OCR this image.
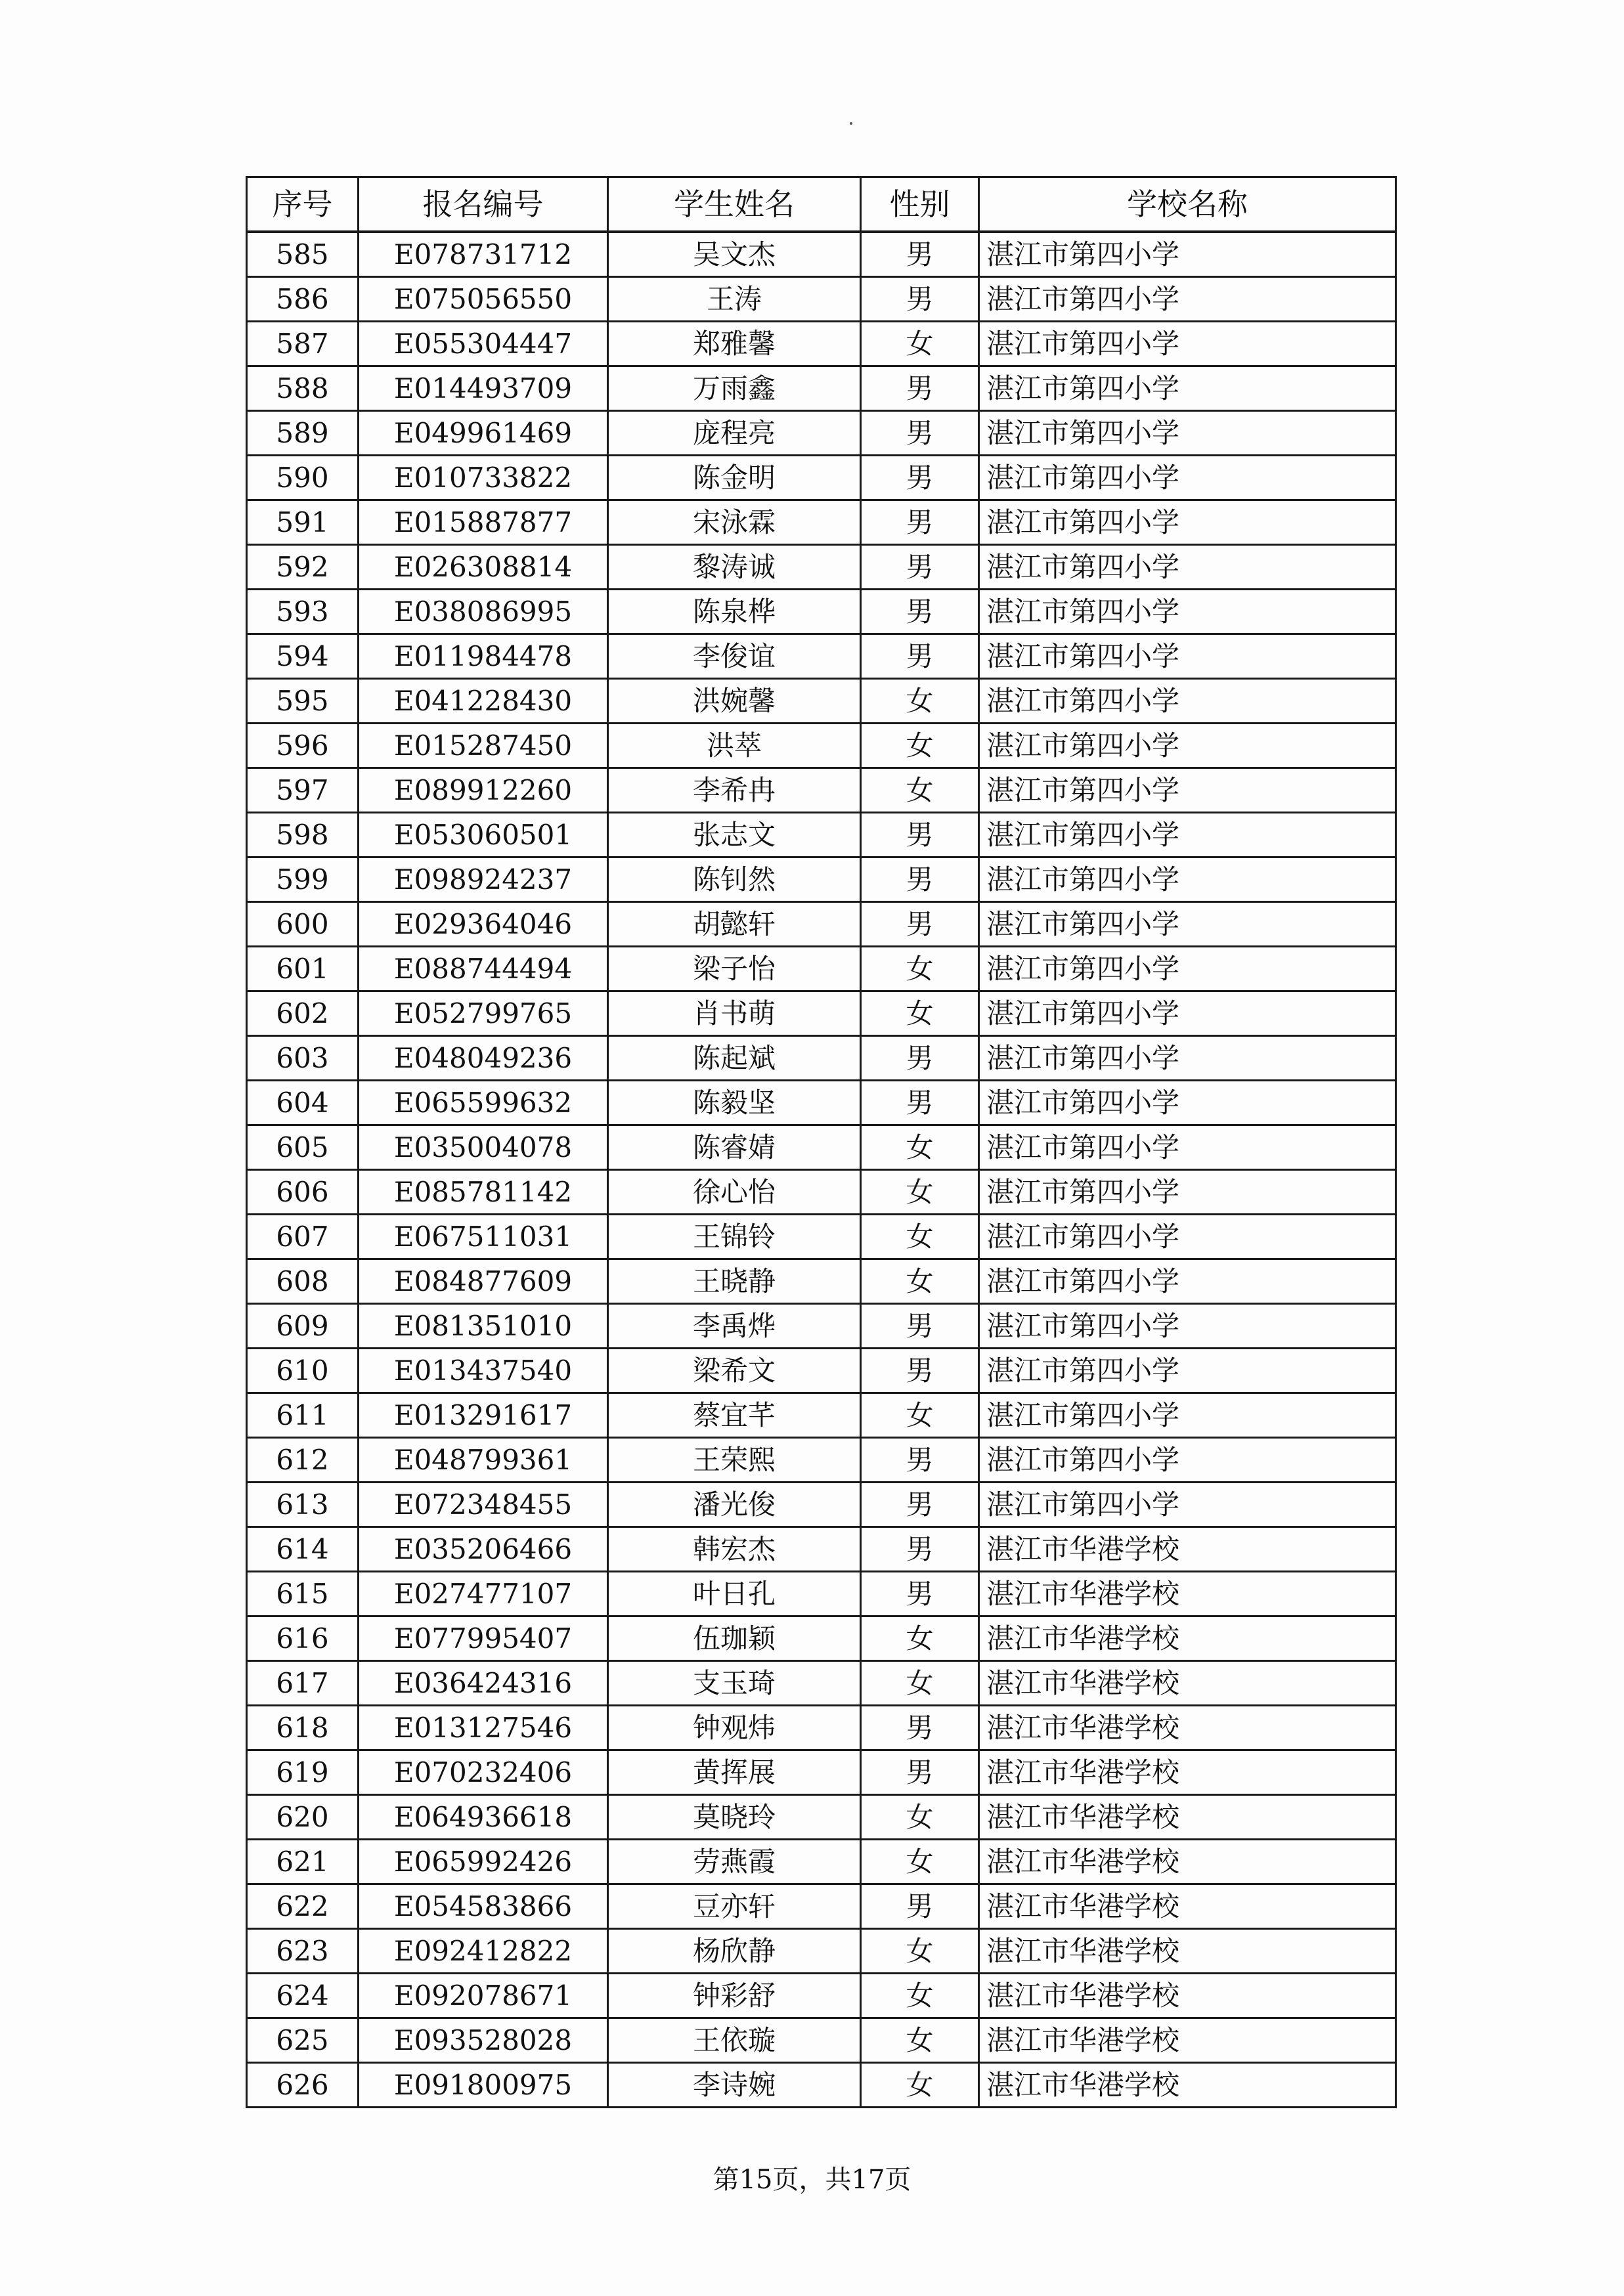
序号	报名编号	学生姓名	性别	学校名称
585	E078731712	吴文杰	男	湛江市第四小学
586	E075056550	王涛	男	湛江市第四小学
587	E055304447	郑雅馨	女	湛江市第四小学
588	E014493709	万雨鑫	男	湛江市第四小学
589	E049961469	庞程亮	男	湛江市第四小学
590	E010733822	陈金明	男	湛江市第四小学
591	E015887877	宋泳霖	男	湛江市第四小学
592	E026308814	黎涛诚	男	湛江市第四小学
593	E038086995	陈泉桦	男	湛江市第四小学
594	E011984478	李俊谊	男	湛江市第四小学
595	E041228430	洪婉馨	女	湛江市第四小学
596	E015287450	洪萃	女	湛江市第四小学
597	E089912260	李希冉	女	湛江市第四小学
598	E053060501	张志文	男	湛江市第四小学
599	E098924237	陈钊然	男	湛江市第四小学
600	E029364046	胡懿轩	男	湛江市第四小学
601	E088744494	梁子怡	女	湛江市第四小学
602	E052799765	肖书萌	女	湛江市第四小学
603	E048049236	陈起斌	男	湛江市第四小学
604	E065599632	陈毅坚	男	湛江市第四小学
605	E035004078	陈睿婧	女	湛江市第四小学
606	E085781142	徐心怡	女	湛江市第四小学
607	E067511031	王锦铃	女	湛江市第四小学
608	E084877609	王晓静	女	湛江市第四小学
609	E081351010	李禹烨	男	湛江市第四小学
610	E013437540	梁希文	男	湛江市第四小学
611	E013291617	蔡宜芊	女	湛江市第四小学
612	E048799361	王荣熙	男	湛江市第四小学
613	E072348455	潘光俊	男	湛江市第四小学
614	E035206466	韩宏杰	男	湛江市华港学校
615	E027477107	叶日孔	男	湛江市华港学校
616	E077995407	伍珈颖	女	湛江市华港学校
617	E036424316	支玉琦	女	湛江市华港学校
618	E013127546	钟观炜	男	湛江市华港学校
619	E070232406	黄挥展	男	湛江市华港学校
620	E064936618	莫晓玲	女	湛江市华港学校
621	E065992426	劳燕霞	女	湛江市华港学校
622	E054583866	豆亦轩	男	湛江市华港学校
623	E092412822	杨欣静	女	湛江市华港学校
624	E092078671	钟彩舒	女	湛江市华港学校
625	E093528028	王依璇	女	湛江市华港学校
626	E091800975	李诗婉	女	湛江市华港学校
第15页，共17页
